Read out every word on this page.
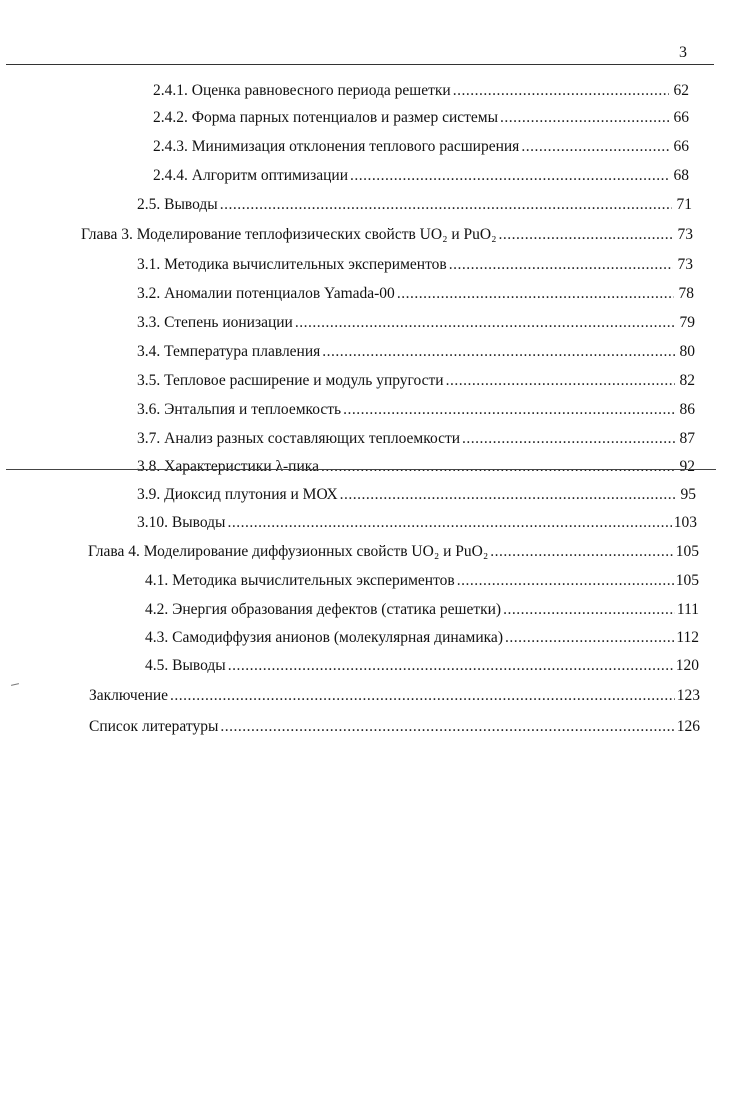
3
2.4.1. Оценка равновесного периода решетки .....	62
2.4.2. Форма парных потенциалов и размер системы .....	66
2.4.3. Минимизация отклонения теплового расширения .....	66
2.4.4. Алгоритм оптимизации .....	68
2.5. Выводы .....	71
Глава 3. Моделирование теплофизических свойств UO₂ и PuO₂ .....	73
3.1. Методика вычислительных экспериментов .....	73
3.2. Аномалии потенциалов Yamada-00 .....	78
3.3. Степень ионизации .....	79
3.4. Температура плавления .....	80
3.5. Тепловое расширение и модуль упругости .....	82
3.6. Энтальпия и теплоемкость .....	86
3.7. Анализ разных составляющих теплоемкости .....	87
3.8. Характеристики λ-пика .....	92
3.9. Диоксид плутония и МОХ .....	95
3.10. Выводы .....	103
Глава 4. Моделирование диффузионных свойств UO₂ и PuO₂ .....	105
4.1. Методика вычислительных экспериментов .....	105
4.2. Энергия образования дефектов (статика решетки) .....	111
4.3. Самодиффузия анионов (молекулярная динамика) .....	112
4.5. Выводы .....	120
Заключение .....	123
Список литературы .....	126
